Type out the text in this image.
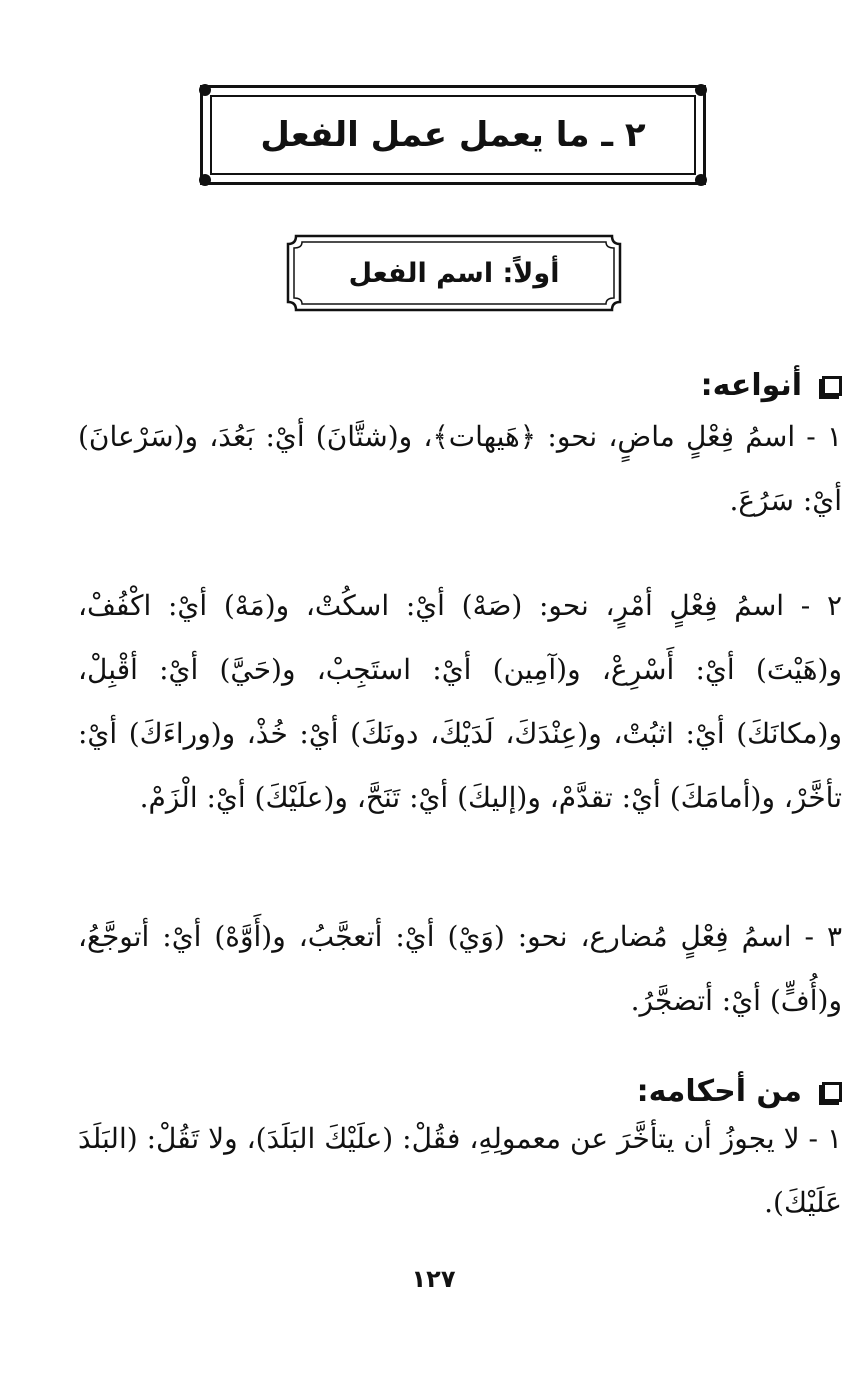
٢ ـ ما يعمل عمل الفعل
أولاً: اسم الفعل
أنواعه:

١ - اسمُ فِعْلٍ ماضٍ، نحو: ﴿هَيهات﴾، و(شتَّانَ) أيْ: بَعُدَ، و(سَرْعانَ) أيْ: سَرُعَ.

٢ - اسمُ فِعْلٍ أمْرٍ، نحو: (صَهْ) أيْ: اسكُتْ، و(مَهْ) أيْ: اكْفُفْ، و(هَيْتَ) أيْ: أَسْرِعْ، و(آمِين) أيْ: استَجِبْ، و(حَيَّ) أيْ: أقْبِلْ، و(مكانَكَ) أيْ: اثبُتْ، و(عِنْدَكَ، لَدَيْكَ، دونَكَ) أيْ: خُذْ، و(وراءَكَ) أيْ: تأخَّرْ، و(أمامَكَ) أيْ: تقدَّمْ، و(إليكَ) أيْ: تَنَحَّ، و(علَيْكَ) أيْ: الْزَمْ.

٣ - اسمُ فِعْلٍ مُضارع، نحو: (وَيْ) أيْ: أتعجَّبُ، و(أَوَّهْ) أيْ: أتوجَّعُ، و(أُفٍّ) أيْ: أتضجَّرُ.

من أحكامه:

١ - لا يجوزُ أن يتأخَّرَ عن معمولِهِ، فقُلْ: (علَيْكَ البَلَدَ)، ولا تَقُلْ: (البَلَدَ عَلَيْكَ).

١٢٧
